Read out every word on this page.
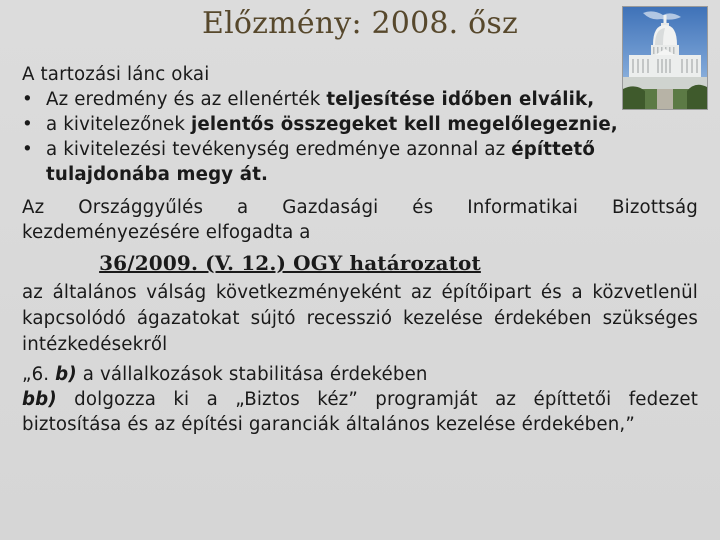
Előzmény: 2008. ősz

A tartozási lánc okai

• Az eredmény és az ellenérték teljesítése időben elválik,
• a kivitelezőnek jelentős összegeket kell megelőlegeznie,
• a kivitelezési tevékenység eredménye azonnal az építtető tulajdonába megy át.

Az Országgyűlés a Gazdasági és Informatikai Bizottság

kezdeményezésére elfogadta a

36/2009. (V. 12.) OGY határozatot

az általános válság következményeként az építőipart és a közvetlenül kapcsolódó ágazatokat sújtó recesszió kezelése érdekében szükséges intézkedésekről

„6. b) a vállalkozások stabilitása érdekében

bb) dolgozza ki a „Biztos kéz” programját az építtetői fedezet biztosítása és az építési garanciák általános kezelése érdekében,”
